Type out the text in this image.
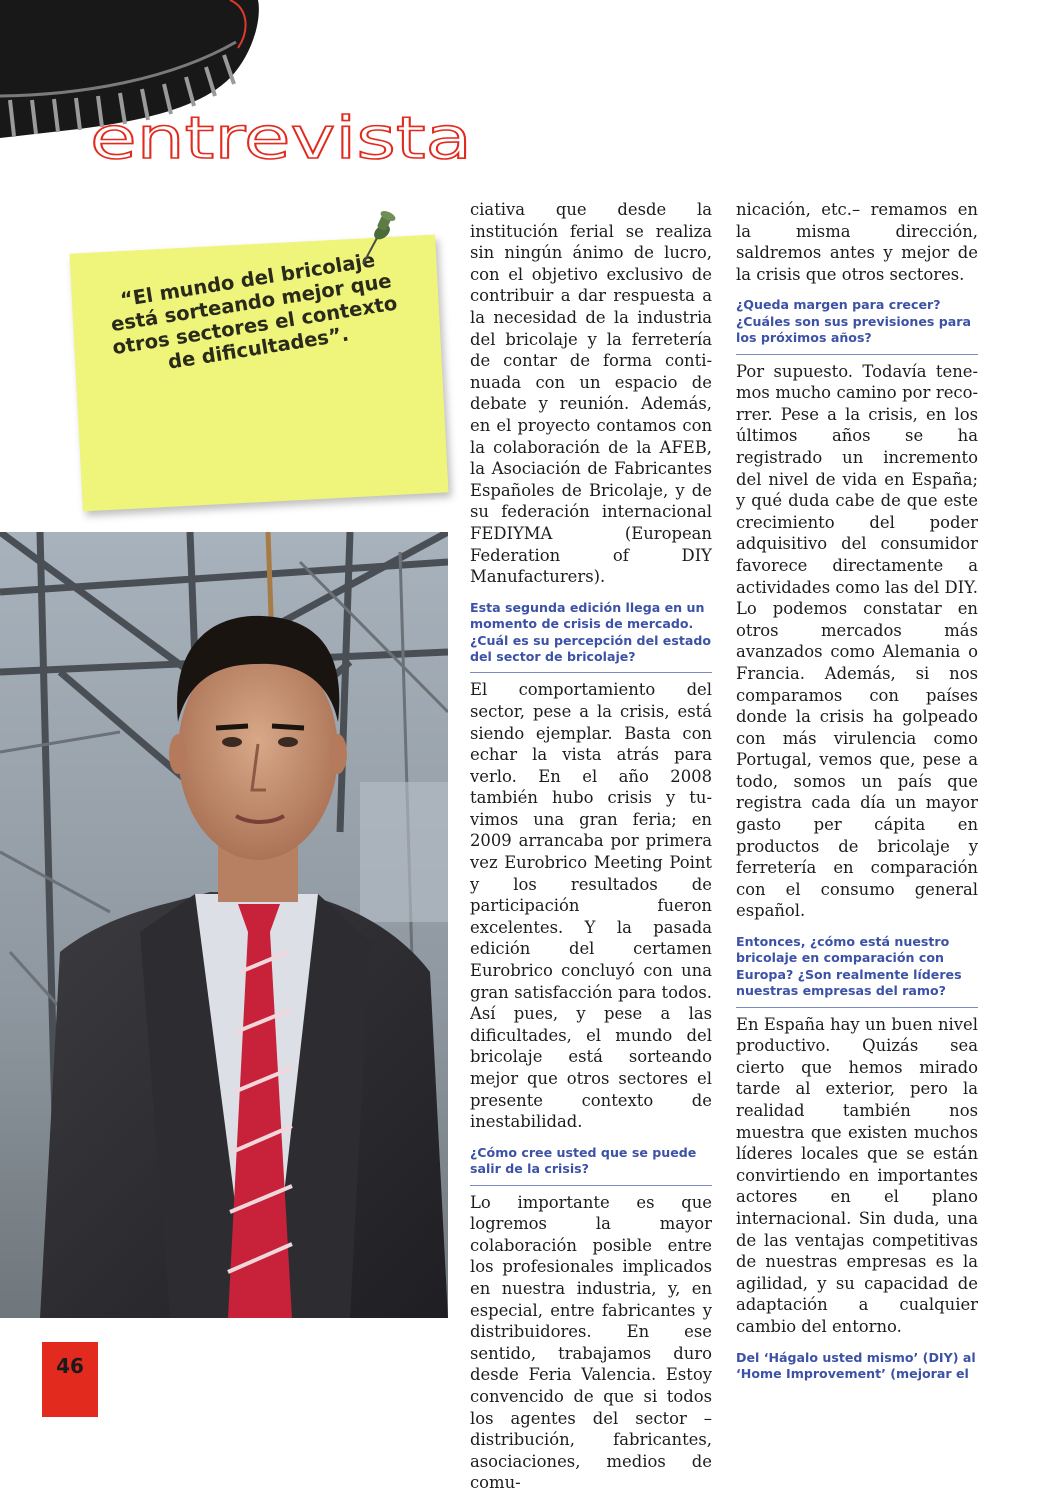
entrevista
“El mundo del bricolaje está sorteando mejor que otros sectores el contexto de dificultades”.

ciativa que desde la institución ferial se realiza sin ningún ánimo de lucro, con el objetivo exclusivo de contribuir a dar respuesta a la necesidad de la industria del bricolaje y la ferretería de contar de forma continuada con un espacio de debate y reunión. Además, en el proyecto contamos con la colaboración de la AFEB, la Asociación de Fabricantes Españoles de Bricolaje, y de su federación internacional FEDIYMA (European Federation of DIY Manufacturers).

Esta segunda edición llega en un momento de crisis de mercado. ¿Cuál es su percepción del estado del sector de bricolaje?

El comportamiento del sector, pese a la crisis, está siendo ejemplar. Basta con echar la vista atrás para verlo. En el año 2008 también hubo crisis y tuvimos una gran feria; en 2009 arrancaba por primera vez Eurobrico Meeting Point y los resultados de participación fueron excelentes. Y la pasada edición del certamen Eurobrico concluyó con una gran satisfacción para todos. Así pues, y pese a las dificultades, el mundo del bricolaje está sorteando mejor que otros sectores el presente contexto de inestabilidad.

¿Cómo cree usted que se puede salir de la crisis?

Lo importante es que logremos la mayor colaboración posible entre los profesionales implicados en nuestra industria, y, en especial, entre fabricantes y distribuidores. En ese sentido, trabajamos duro desde Feria Valencia. Estoy convencido de que si todos los agentes del sector –distribución, fabricantes, asociaciones, medios de comu-

nicación, etc.– remamos en la misma dirección, saldremos antes y mejor de la crisis que otros sectores.

¿Queda margen para crecer? ¿Cuáles son sus previsiones para los próximos años?

Por supuesto. Todavía tenemos mucho camino por recorrer. Pese a la crisis, en los últimos años se ha registrado un incremento del nivel de vida en España; y qué duda cabe de que este crecimiento del poder adquisitivo del consumidor favorece directamente a actividades como las del DIY. Lo podemos constatar en otros mercados más avanzados como Alemania o Francia. Además, si nos comparamos con países donde la crisis ha golpeado con más virulencia como Portugal, vemos que, pese a todo, somos un país que registra cada día un mayor gasto per cápita en productos de bricolaje y ferretería en comparación con el consumo general español.

Entonces, ¿cómo está nuestro bricolaje en comparación con Europa? ¿Son realmente líderes nuestras empresas del ramo?

En España hay un buen nivel productivo. Quizás sea cierto que hemos mirado tarde al exterior, pero la realidad también nos muestra que existen muchos líderes locales que se están convirtiendo en importantes actores en el plano internacional. Sin duda, una de las ventajas competitivas de nuestras empresas es la agilidad, y su capacidad de adaptación a cualquier cambio del entorno.

Del ‘Hágalo usted mismo’ (DIY) al ‘Home Improvement’ (mejorar el
46
